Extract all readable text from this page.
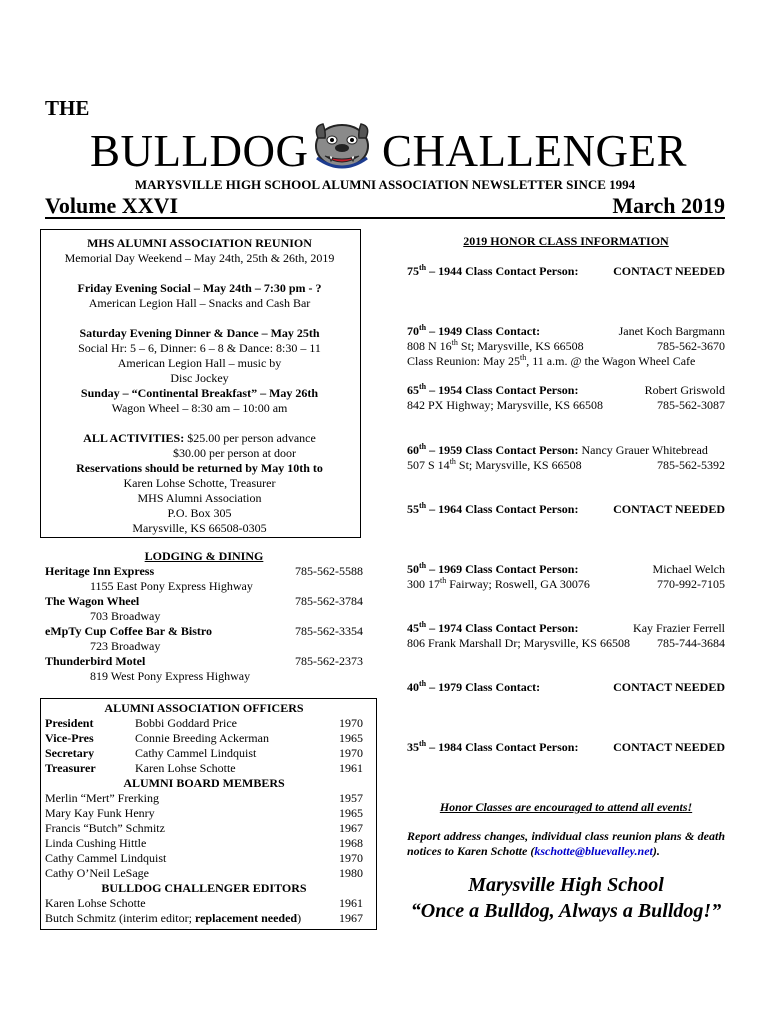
THE
BULLDOG CHALLENGER
MARYSVILLE HIGH SCHOOL ALUMNI ASSOCIATION NEWSLETTER SINCE 1994
Volume XXVI	March 2019
MHS ALUMNI ASSOCIATION REUNION
Memorial Day Weekend – May 24th, 25th & 26th, 2019
Friday Evening Social – May 24th – 7:30 pm - ?
American Legion Hall – Snacks and Cash Bar
Saturday Evening Dinner & Dance – May 25th
Social Hr: 5 – 6, Dinner: 6 – 8 & Dance: 8:30 – 11
American Legion Hall – music by
Disc Jockey
Sunday – “Continental Breakfast” – May 26th
Wagon Wheel – 8:30 am – 10:00 am
ALL ACTIVITIES: $25.00 per person advance
$30.00 per person at door
Reservations should be returned by May 10th to
Karen Lohse Schotte, Treasurer
MHS Alumni Association
P.O. Box 305
Marysville, KS 66508-0305
LODGING & DINING
Heritage Inn Express	785-562-5588
1155 East Pony Express Highway
The Wagon Wheel	785-562-3784
703 Broadway
eMpTy Cup Coffee Bar & Bistro	785-562-3354
723 Broadway
Thunderbird Motel	785-562-2373
819 West Pony Express Highway
ALUMNI ASSOCIATION OFFICERS
President	Bobbi Goddard Price	1970
Vice-Pres	Connie Breeding Ackerman	1965
Secretary	Cathy Cammel Lindquist	1970
Treasurer	Karen Lohse Schotte	1961
ALUMNI BOARD MEMBERS
Merlin “Mert” Frerking	1957
Mary Kay Funk Henry	1965
Francis “Butch” Schmitz	1967
Linda Cushing Hittle	1968
Cathy Cammel Lindquist	1970
Cathy O’Neil LeSage	1980
BULLDOG CHALLENGER EDITORS
Karen Lohse Schotte	1961
Butch Schmitz (interim editor; replacement needed)	1967
2019 HONOR CLASS INFORMATION
75th – 1944 Class Contact Person:	CONTACT NEEDED
70th – 1949 Class Contact:	Janet Koch Bargmann
808 N 16th St; Marysville, KS 66508	785-562-3670
Class Reunion: May 25th, 11 a.m. @ the Wagon Wheel Cafe
65th – 1954 Class Contact Person:	Robert Griswold
842 PX Highway; Marysville, KS 66508	785-562-3087
60th – 1959 Class Contact Person: Nancy Grauer Whitebread
507 S 14th St; Marysville, KS 66508	785-562-5392
55th – 1964 Class Contact Person:	CONTACT NEEDED
50th – 1969 Class Contact Person:	Michael Welch
300 17th Fairway; Roswell, GA 30076	770-992-7105
45th – 1974 Class Contact Person:	Kay Frazier Ferrell
806 Frank Marshall Dr; Marysville, KS 66508 785-744-3684
40th – 1979 Class Contact:	CONTACT NEEDED
35th – 1984 Class Contact Person:	CONTACT NEEDED
Honor Classes are encouraged to attend all events!
Report address changes, individual class reunion plans & death notices to Karen Schotte (kschotte@bluevalley.net).
Marysville High School
“Once a Bulldog, Always a Bulldog!”
